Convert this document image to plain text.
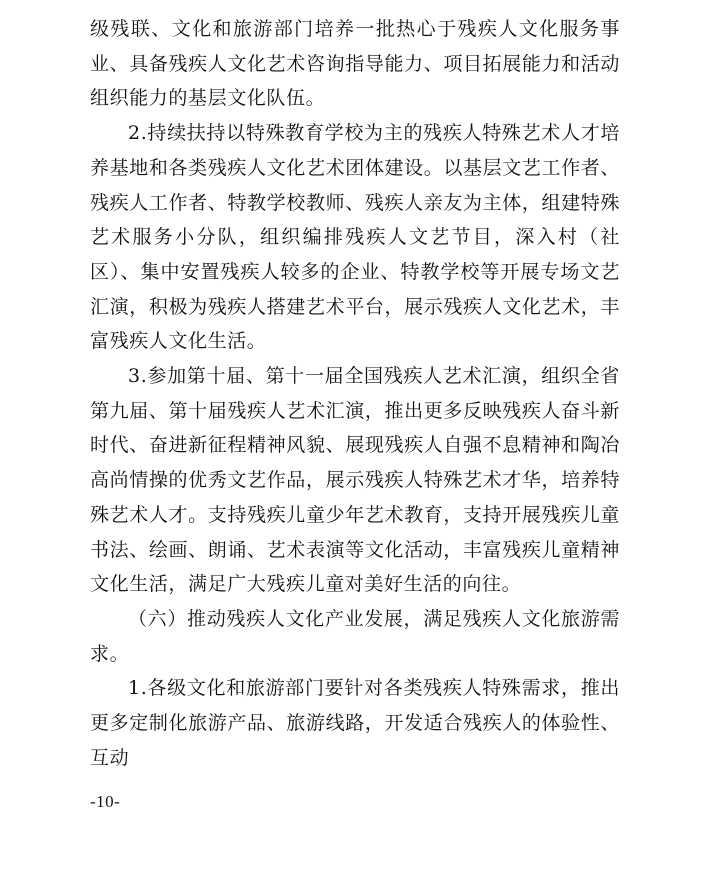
级残联、文化和旅游部门培养一批热心于残疾人文化服务事业、具备残疾人文化艺术咨询指导能力、项目拓展能力和活动组织能力的基层文化队伍。

2.持续扶持以特殊教育学校为主的残疾人特殊艺术人才培养基地和各类残疾人文化艺术团体建设。以基层文艺工作者、残疾人工作者、特教学校教师、残疾人亲友为主体，组建特殊艺术服务小分队，组织编排残疾人文艺节目，深入村（社区）、集中安置残疾人较多的企业、特教学校等开展专场文艺汇演，积极为残疾人搭建艺术平台，展示残疾人文化艺术，丰富残疾人文化生活。

3.参加第十届、第十一届全国残疾人艺术汇演，组织全省第九届、第十届残疾人艺术汇演，推出更多反映残疾人奋斗新时代、奋进新征程精神风貌、展现残疾人自强不息精神和陶冶高尚情操的优秀文艺作品，展示残疾人特殊艺术才华，培养特殊艺术人才。支持残疾儿童少年艺术教育，支持开展残疾儿童书法、绘画、朗诵、艺术表演等文化活动，丰富残疾儿童精神文化生活，满足广大残疾儿童对美好生活的向往。

（六）推动残疾人文化产业发展，满足残疾人文化旅游需求。

1.各级文化和旅游部门要针对各类残疾人特殊需求，推出更多定制化旅游产品、旅游线路，开发适合残疾人的体验性、互动

-10-
